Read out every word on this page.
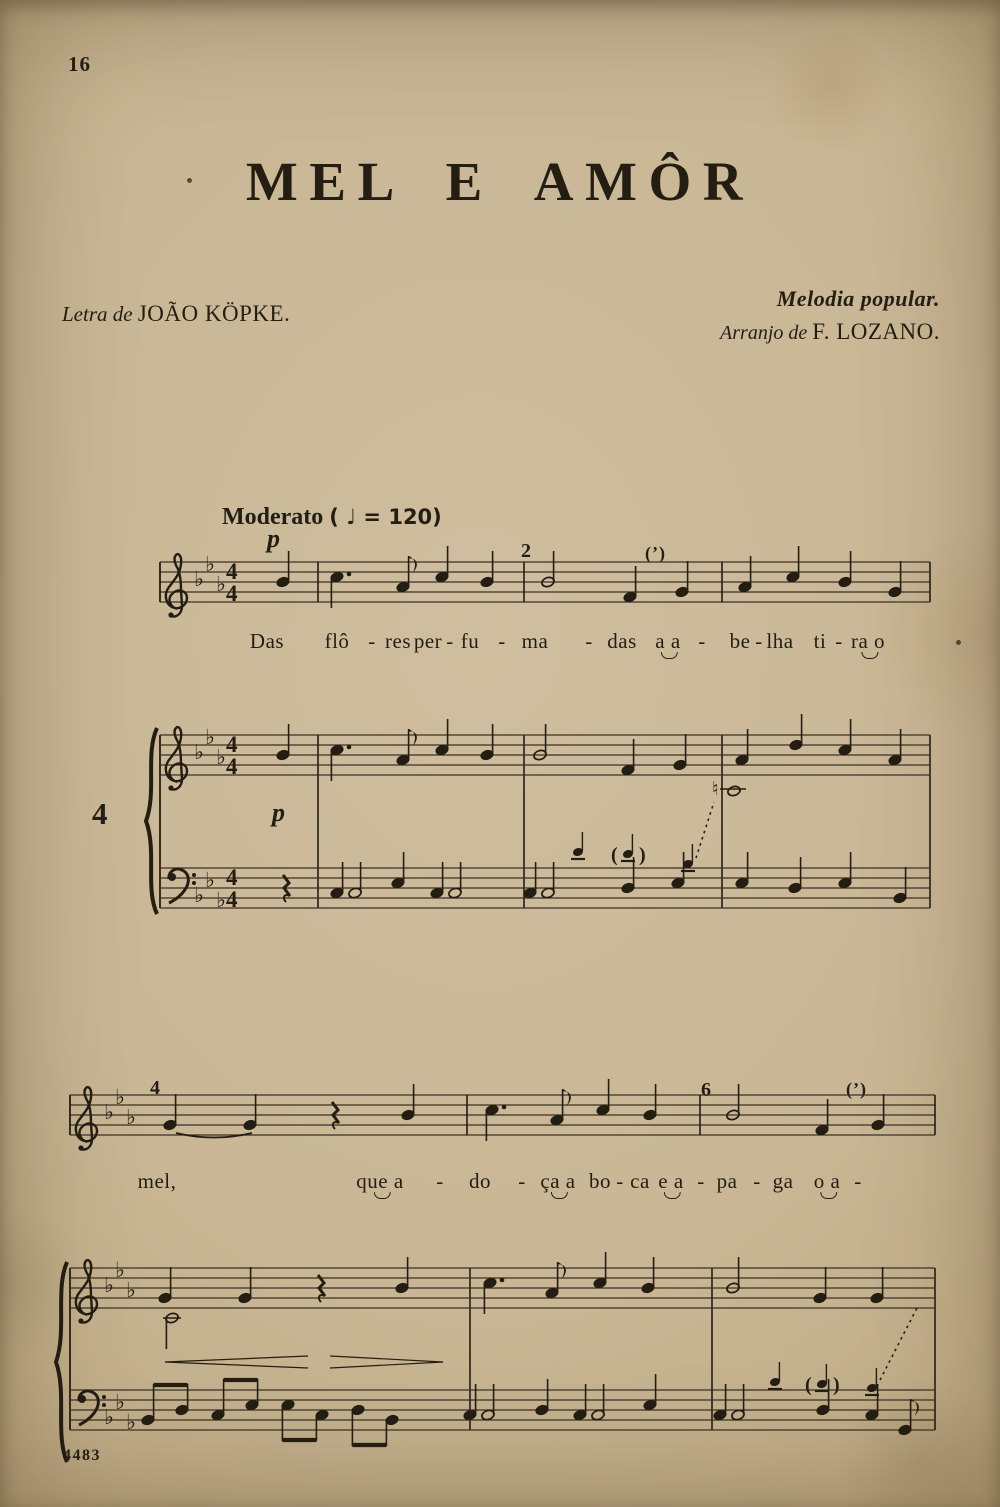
16
MEL E AMÔR
Letra de JOÃO KÖPKE.
Melodia popular.
Arranjo de F. LOZANO.
Moderato ( ♩ = 120)
p
p
2	(’)
4	6	(’)
4
4483
Das flô - res per - fu - ma - das a a - be - lha ti - ra o
mel,	que a - do - ça a bo - ca e a - pa - ga o a -
♭
♭
♭ 4
4
♭
♭
♭ 4
4
♭
♭
♭
4
4
♭
♭
♭
♭
♭
♭
♭
♭
♭
( )
( )
♮
